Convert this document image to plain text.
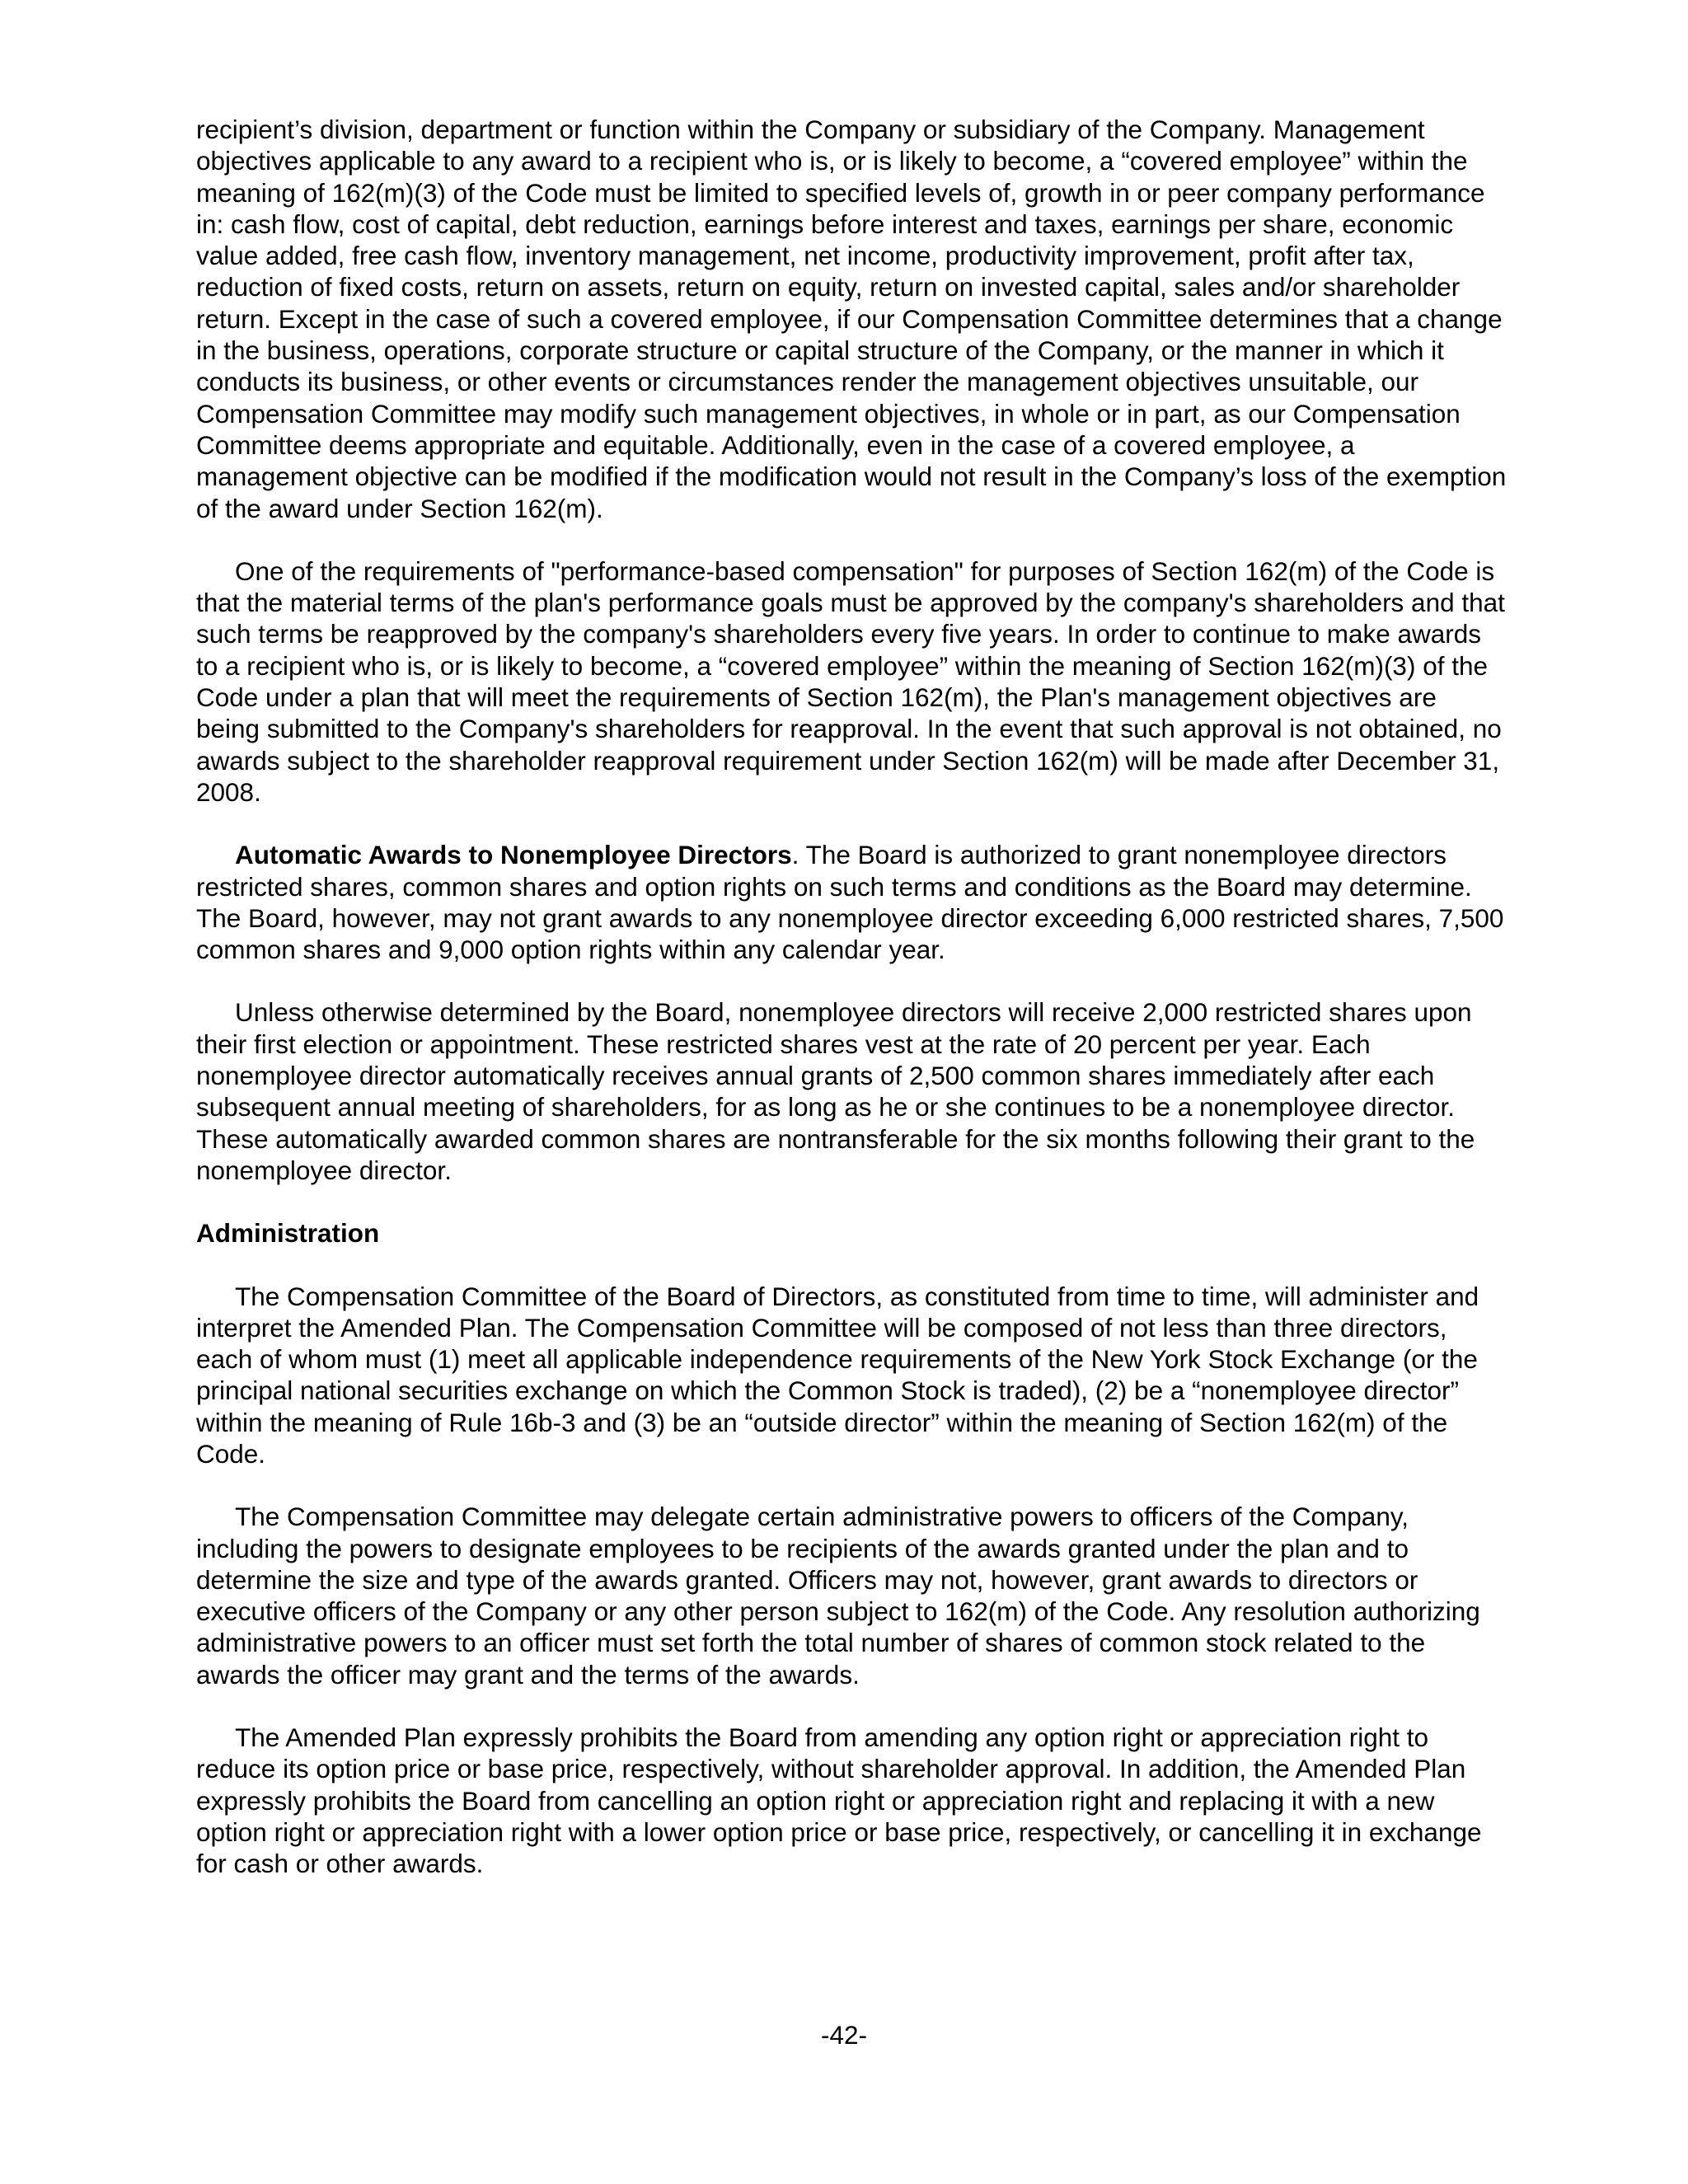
recipient’s division, department or function within the Company or subsidiary of the Company. Management objectives applicable to any award to a recipient who is, or is likely to become, a “covered employee” within the meaning of 162(m)(3) of the Code must be limited to specified levels of, growth in or peer company performance in: cash flow, cost of capital, debt reduction, earnings before interest and taxes, earnings per share, economic value added, free cash flow, inventory management, net income, productivity improvement, profit after tax, reduction of fixed costs, return on assets, return on equity, return on invested capital, sales and/or shareholder return. Except in the case of such a covered employee, if our Compensation Committee determines that a change in the business, operations, corporate structure or capital structure of the Company, or the manner in which it conducts its business, or other events or circumstances render the management objectives unsuitable, our Compensation Committee may modify such management objectives, in whole or in part, as our Compensation Committee deems appropriate and equitable. Additionally, even in the case of a covered employee, a management objective can be modified if the modification would not result in the Company’s loss of the exemption of the award under Section 162(m).

One of the requirements of "performance-based compensation" for purposes of Section 162(m) of the Code is that the material terms of the plan's performance goals must be approved by the company's shareholders and that such terms be reapproved by the company's shareholders every five years. In order to continue to make awards to a recipient who is, or is likely to become, a “covered employee” within the meaning of Section 162(m)(3) of the Code under a plan that will meet the requirements of Section 162(m), the Plan's management objectives are being submitted to the Company's shareholders for reapproval. In the event that such approval is not obtained, no awards subject to the shareholder reapproval requirement under Section 162(m) will be made after December 31, 2008.

Automatic Awards to Nonemployee Directors. The Board is authorized to grant nonemployee directors restricted shares, common shares and option rights on such terms and conditions as the Board may determine. The Board, however, may not grant awards to any nonemployee director exceeding 6,000 restricted shares, 7,500 common shares and 9,000 option rights within any calendar year.

Unless otherwise determined by the Board, nonemployee directors will receive 2,000 restricted shares upon their first election or appointment. These restricted shares vest at the rate of 20 percent per year. Each nonemployee director automatically receives annual grants of 2,500 common shares immediately after each subsequent annual meeting of shareholders, for as long as he or she continues to be a nonemployee director. These automatically awarded common shares are nontransferable for the six months following their grant to the nonemployee director.

Administration

The Compensation Committee of the Board of Directors, as constituted from time to time, will administer and interpret the Amended Plan. The Compensation Committee will be composed of not less than three directors, each of whom must (1) meet all applicable independence requirements of the New York Stock Exchange (or the principal national securities exchange on which the Common Stock is traded), (2) be a “nonemployee director” within the meaning of Rule 16b-3 and (3) be an “outside director” within the meaning of Section 162(m) of the Code.

The Compensation Committee may delegate certain administrative powers to officers of the Company, including the powers to designate employees to be recipients of the awards granted under the plan and to determine the size and type of the awards granted. Officers may not, however, grant awards to directors or executive officers of the Company or any other person subject to 162(m) of the Code. Any resolution authorizing administrative powers to an officer must set forth the total number of shares of common stock related to the awards the officer may grant and the terms of the awards.

The Amended Plan expressly prohibits the Board from amending any option right or appreciation right to reduce its option price or base price, respectively, without shareholder approval. In addition, the Amended Plan expressly prohibits the Board from cancelling an option right or appreciation right and replacing it with a new option right or appreciation right with a lower option price or base price, respectively, or cancelling it in exchange for cash or other awards.

-42-
